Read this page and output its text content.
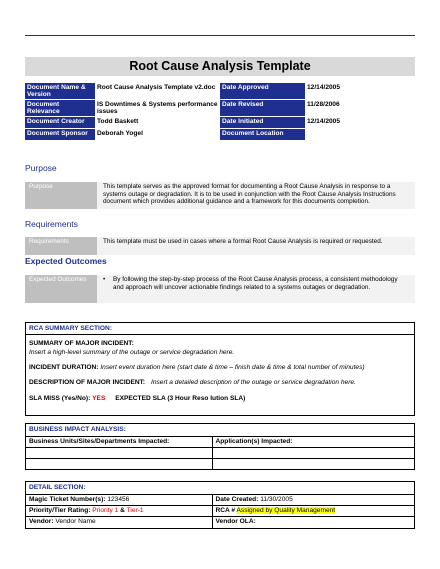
Root Cause Analysis Template
Document Name & Version	Root Cause Analysis Template v2.doc	Date Approved	12/14/2005
Document Relevance	IS Downtimes & Systems performance issues	Date Revised	11/28/2006
Document Creator	Todd Baskett	Date Initiated	12/14/2005
Document Sponsor	Deborah Yogel	Document Location	
Purpose
Purpose	This template serves as the approved format for documenting a Root Cause Analysis in response to a systems outage or degradation. It is to be used in conjunction with the Root Cause Analysis Instructions document which provides additional guidance and a framework for this documents completion.
Requirements
Requirements	This template must be used in cases where a formal Root Cause Analysis is required or requested.
Expected Outcomes
Expected Outcomes	• By following the step-by-step process of the Root Cause Analysis process, a consistent methodology and approach will uncover actionable findings related to a systems outages or degradation.
RCA SUMMARY SECTION:
SUMMARY OF MAJOR INCIDENT:
Insert a high-level summary of the outage or service degradation here.
INCIDENT DURATION: Insert event duration here (start date & time – finish date & time & total number of minutes)
DESCRIPTION OF MAJOR INCIDENT: Insert a detailed description of the outage or service degradation here.
SLA MISS (Yes/No): YES EXPECTED SLA (3 Hour Reso lution SLA)
BUSINESS IMPACT ANALYSIS:
Business Units/Sites/Departments Impacted:	Application(s) Impacted:

DETAIL SECTION:
Magic Ticket Number(s): 123456	Date Created: 11/30/2005
Priority/Tier Rating: Priority 1 & Tier-1	RCA # Assigned by Quality Management
Vendor: Vendor Name	Vendor OLA:
